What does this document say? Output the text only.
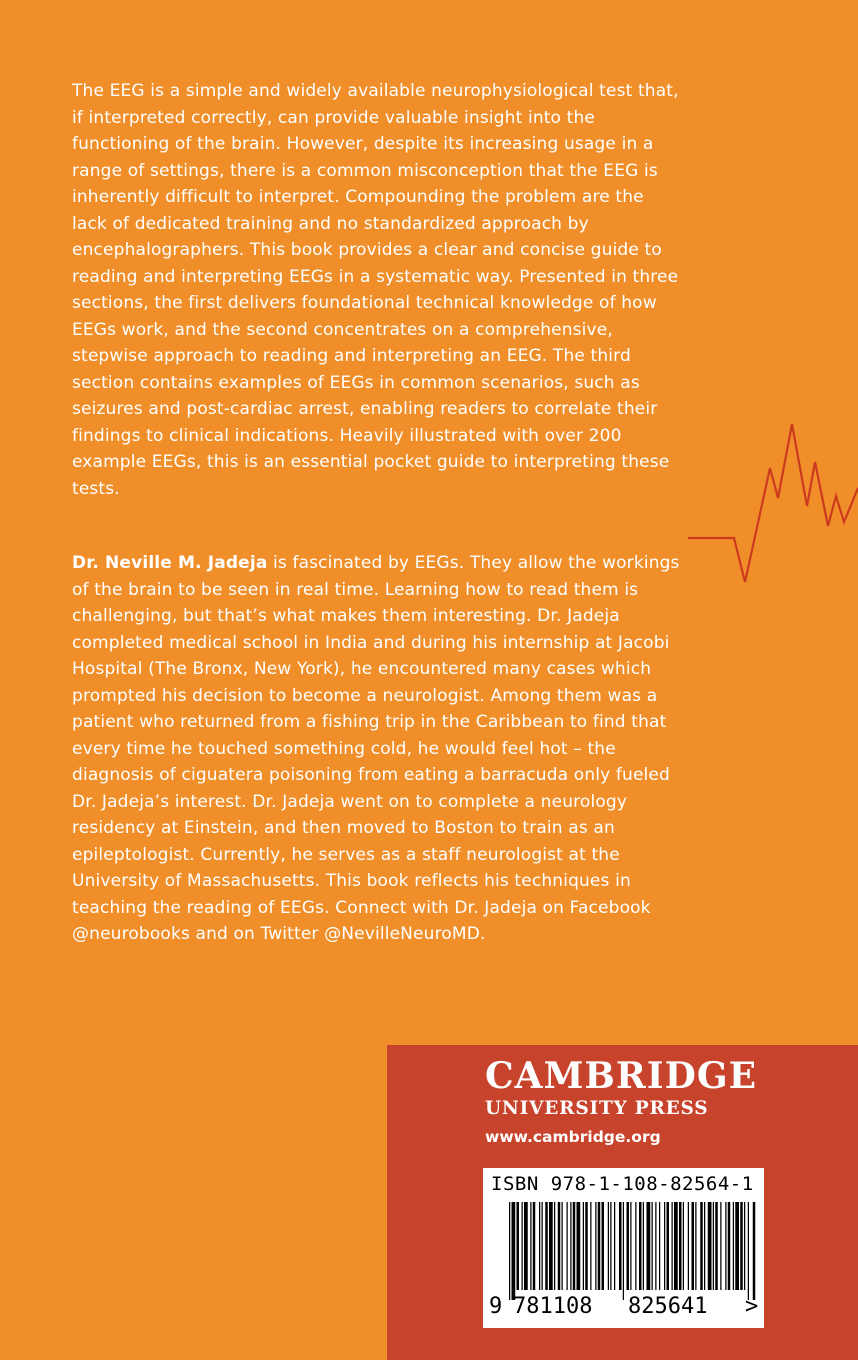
The EEG is a simple and widely available neurophysiological test that, if interpreted correctly, can provide valuable insight into the functioning of the brain. However, despite its increasing usage in a range of settings, there is a common misconception that the EEG is inherently difficult to interpret. Compounding the problem are the lack of dedicated training and no standardized approach by encephalographers. This book provides a clear and concise guide to reading and interpreting EEGs in a systematic way. Presented in three sections, the first delivers foundational technical knowledge of how EEGs work, and the second concentrates on a comprehensive, stepwise approach to reading and interpreting an EEG. The third section contains examples of EEGs in common scenarios, such as seizures and post-cardiac arrest, enabling readers to correlate their findings to clinical indications. Heavily illustrated with over 200 example EEGs, this is an essential pocket guide to interpreting these tests.

Dr. Neville M. Jadeja is fascinated by EEGs. They allow the workings of the brain to be seen in real time. Learning how to read them is challenging, but that’s what makes them interesting. Dr. Jadeja completed medical school in India and during his internship at Jacobi Hospital (The Bronx, New York), he encountered many cases which prompted his decision to become a neurologist. Among them was a patient who returned from a fishing trip in the Caribbean to find that every time he touched something cold, he would feel hot – the diagnosis of ciguatera poisoning from eating a barracuda only fueled Dr. Jadeja’s interest. Dr. Jadeja went on to complete a neurology residency at Einstein, and then moved to Boston to train as an epileptologist. Currently, he serves as a staff neurologist at the University of Massachusetts. This book reflects his techniques in teaching the reading of EEGs. Connect with Dr. Jadeja on Facebook @neurobooks and on Twitter @NevilleNeuroMD.

CAMBRIDGE
UNIVERSITY PRESS
www.cambridge.org
ISBN 978-1-108-82564-1
9 781108 825641 >
